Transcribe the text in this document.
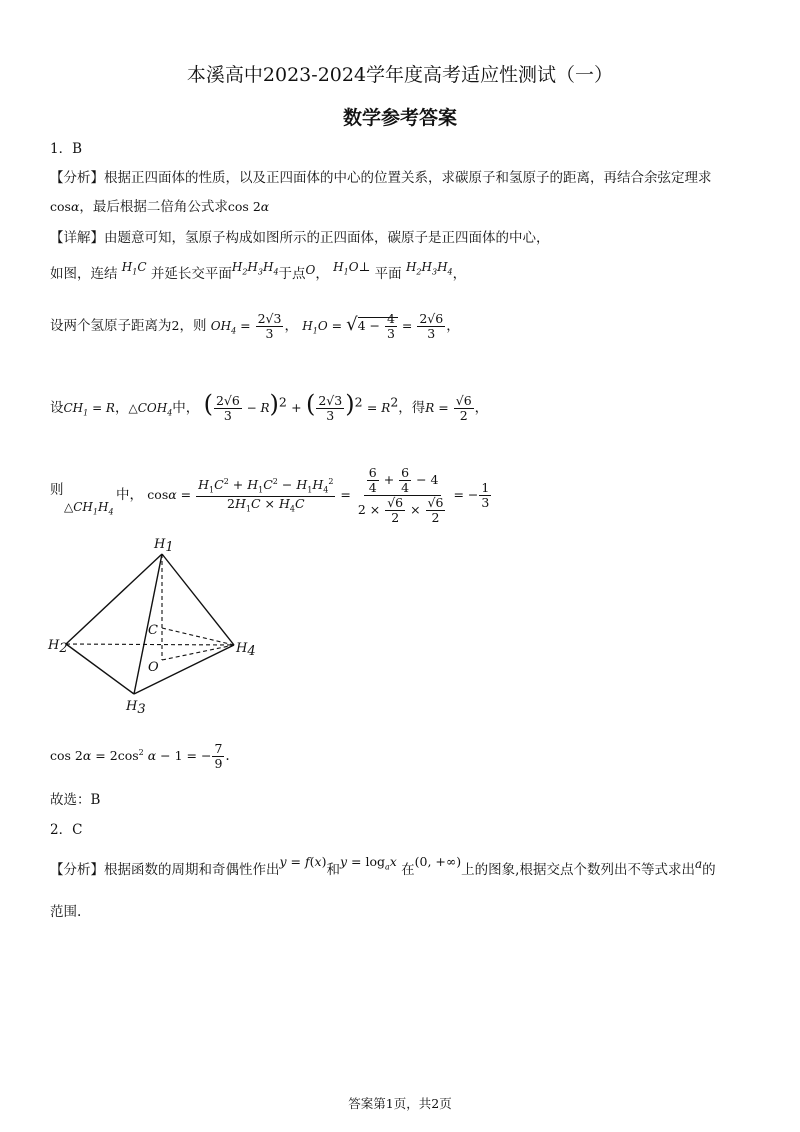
本溪高中2023-2024学年度高考适应性测试（一）
数学参考答案
1．B
【分析】根据正四面体的性质，以及正四面体的中心的位置关系，求碳原子和氢原子的距离，再结合余弦定理求
cosα，最后根据二倍角公式求cos 2α
【详解】由题意可知，氢原子构成如图所示的正四面体，碳原子是正四面体的中心，
如图，连结 $H_1C$ 并延长交平面$H_2H_3H_4$于点O， $H_1O\perp$ 平面 $H_2H_3H_4$，
设两个氢原子距离为2，则 $OH_4 = \frac{2√3}{3}$ ， $H_1O = √4 - \frac{4}{3} = \frac{2√6}{3}$ ，
设$CH_1 = R$，$\triangle COH_4$中， ( $\frac{2√6}{3} - R)^2$ + ( $\frac{2√3}{3} )^2 = R^2$，得$R = \frac{√6}{2}$ ，
则
$\triangle CH_1H_4$
中， $\cos\alpha = \frac{H_1C^2 + H_1C^2 - H_1H_4^2}{2H_1C \times H_4C} = \frac{\frac{6}{4} + \frac{6}{4} - 4}{2 \times \frac{√6}{2} \times \frac{√6}{2}}$ = − $\frac{1}{3}$
H1
H2
H3
H4
C
O
$\cos 2\alpha = 2\cos^2$ α − 1 = − $\frac{7}{9}$ .
故选：B
2．C
【分析】根据函数的周期和奇偶性作出y = f(x)和$y = \log_ax$ 在(0, +∞)上的图象,根据交点个数列出不等式求出a的
范围.
答案第1页，共2页
